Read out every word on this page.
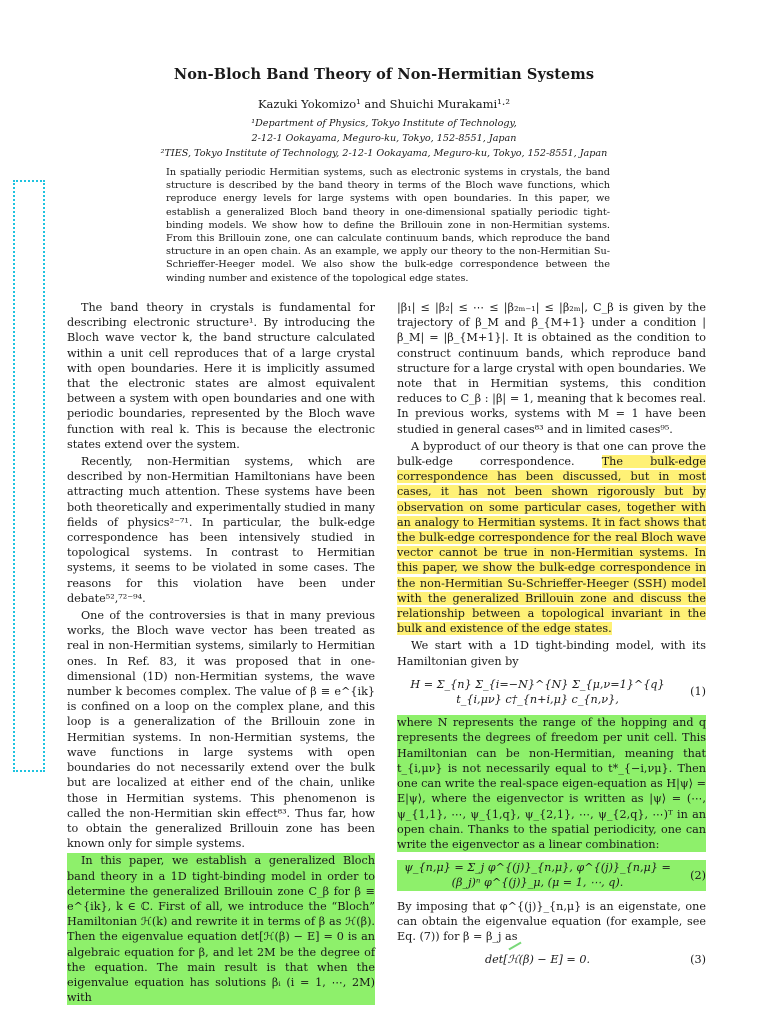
Non-Bloch Band Theory of Non-Hermitian Systems
Kazuki Yokomizo¹ and Shuichi Murakami¹·²
¹Department of Physics, Tokyo Institute of Technology,
2-12-1 Ookayama, Meguro-ku, Tokyo, 152-8551, Japan
²TIES, Tokyo Institute of Technology, 2-12-1 Ookayama, Meguro-ku, Tokyo, 152-8551, Japan
In spatially periodic Hermitian systems, such as electronic systems in crystals, the band structure is described by the band theory in terms of the Bloch wave functions, which reproduce energy levels for large systems with open boundaries. In this paper, we establish a generalized Bloch band theory in one-dimensional spatially periodic tight-binding models. We show how to define the Brillouin zone in non-Hermitian systems. From this Brillouin zone, one can calculate continuum bands, which reproduce the band structure in an open chain. As an example, we apply our theory to the non-Hermitian Su-Schrieffer-Heeger model. We also show the bulk-edge correspondence between the winding number and existence of the topological edge states.

The band theory in crystals is fundamental for describing electronic structure¹. By introducing the Bloch wave vector k, the band structure calculated within a unit cell reproduces that of a large crystal with open boundaries. Here it is implicitly assumed that the electronic states are almost equivalent between a system with open boundaries and one with periodic boundaries, represented by the Bloch wave function with real k. This is because the electronic states extend over the system.

Recently, non-Hermitian systems, which are described by non-Hermitian Hamiltonians have been attracting much attention. These systems have been both theoretically and experimentally studied in many fields of physics²⁻⁷¹. In particular, the bulk-edge correspondence has been intensively studied in topological systems. In contrast to Hermitian systems, it seems to be violated in some cases. The reasons for this violation have been under debate⁵²,⁷²⁻⁹⁴.

One of the controversies is that in many previous works, the Bloch wave vector has been treated as real in non-Hermitian systems, similarly to Hermitian ones. In Ref. 83, it was proposed that in one-dimensional (1D) non-Hermitian systems, the wave number k becomes complex. The value of β ≡ e^{ik} is confined on a loop on the complex plane, and this loop is a generalization of the Brillouin zone in Hermitian systems. In non-Hermitian systems, the wave functions in large systems with open boundaries do not necessarily extend over the bulk but are localized at either end of the chain, unlike those in Hermitian systems. This phenomenon is called the non-Hermitian skin effect⁸³. Thus far, how to obtain the generalized Brillouin zone has been known only for simple systems.

In this paper, we establish a generalized Bloch band theory in a 1D tight-binding model in order to determine the generalized Brillouin zone C_β for β ≡ e^{ik}, k ∈ ℂ. First of all, we introduce the “Bloch” Hamiltonian ℋ(k) and rewrite it in terms of β as ℋ(β). Then the eigenvalue equation det[ℋ(β) − E] = 0 is an algebraic equation for β, and let 2M be the degree of the equation. The main result is that when the eigenvalue equation has solutions βᵢ (i = 1, ⋯, 2M) with

|β₁| ≤ |β₂| ≤ ⋯ ≤ |β₂ₘ₋₁| ≤ |β₂ₘ|, C_β is given by the trajectory of β_M and β_{M+1} under a condition |β_M| = |β_{M+1}|. It is obtained as the condition to construct continuum bands, which reproduce band structure for a large crystal with open boundaries. We note that in Hermitian systems, this condition reduces to C_β : |β| = 1, meaning that k becomes real. In previous works, systems with M = 1 have been studied in general cases⁸³ and in limited cases⁹⁵.

A byproduct of our theory is that one can prove the bulk-edge correspondence. The bulk-edge correspondence has been discussed, but in most cases, it has not been shown rigorously but by observation on some particular cases, together with an analogy to Hermitian systems. It in fact shows that the bulk-edge correspondence for the real Bloch wave vector cannot be true in non-Hermitian systems. In this paper, we show the bulk-edge correspondence in the non-Hermitian Su-Schrieffer-Heeger (SSH) model with the generalized Brillouin zone and discuss the relationship between a topological invariant in the bulk and existence of the edge states.

We start with a 1D tight-binding model, with its Hamiltonian given by

H = Σ_{n} Σ_{i=−N}^{N} Σ_{μ,ν=1}^{q} t_{i,μν} c†_{n+i,μ} c_{n,ν},
(1)

where N represents the range of the hopping and q represents the degrees of freedom per unit cell. This Hamiltonian can be non-Hermitian, meaning that t_{i,μν} is not necessarily equal to t*_{−i,νμ}. Then one can write the real-space eigen-equation as H|ψ⟩ = E|ψ⟩, where the eigenvector is written as |ψ⟩ = (⋯, ψ_{1,1}, ⋯, ψ_{1,q}, ψ_{2,1}, ⋯, ψ_{2,q}, ⋯)ᵀ in an open chain. Thanks to the spatial periodicity, one can write the eigenvector as a linear combination:

ψ_{n,μ} = Σ_j φ^{(j)}_{n,μ}, φ^{(j)}_{n,μ} = (β_j)ⁿ φ^{(j)}_μ, (μ = 1, ⋯, q).
(2)

By imposing that φ^{(j)}_{n,μ} is an eigenstate, one can obtain the eigenvalue equation (for example, see Eq. (7)) for β = β_j as

det[ℋ(β) − E] = 0.	(3)
